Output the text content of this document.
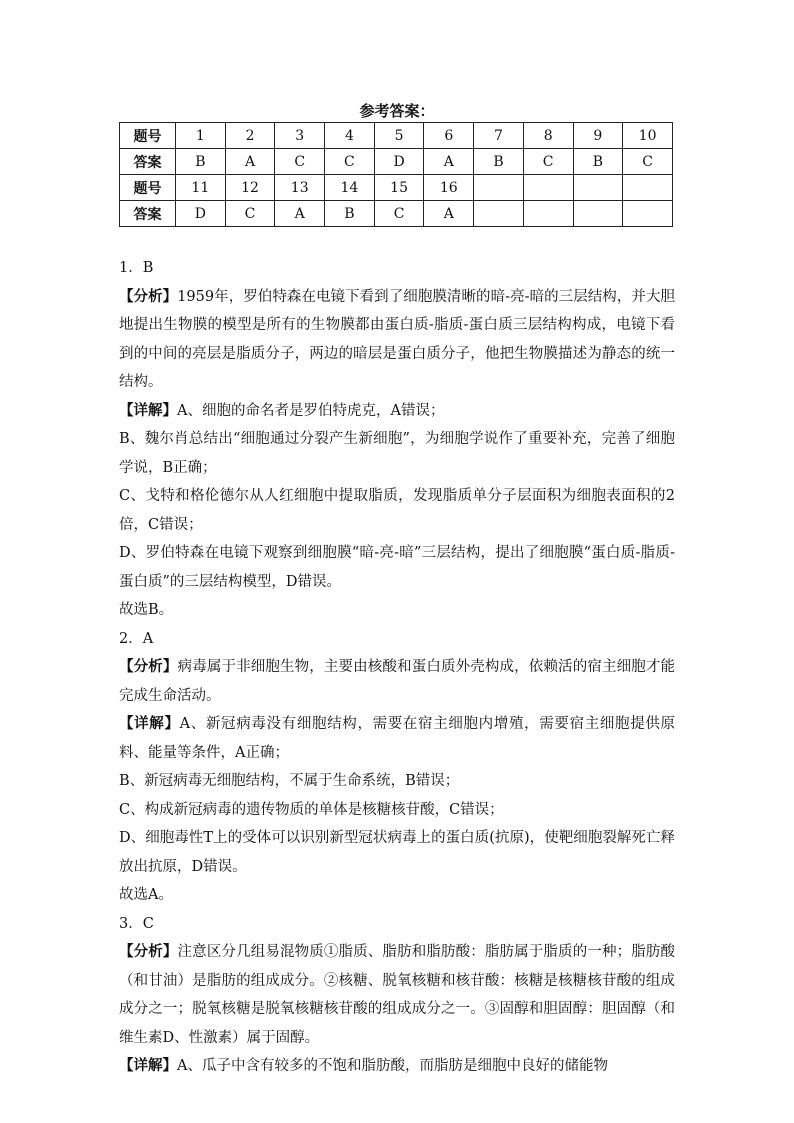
参考答案：
题号	1	2	3	4	5	6	7	8	9	10
答案	B	A	C	C	D	A	B	C	B	C
题号	11	12	13	14	15	16				
答案	D	C	A	B	C	A				

1．B

【分析】1959年，罗伯特森在电镜下看到了细胞膜清晰的暗-亮-暗的三层结构，并大胆地提出生物膜的模型是所有的生物膜都由蛋白质-脂质-蛋白质三层结构构成，电镜下看到的中间的亮层是脂质分子，两边的暗层是蛋白质分子，他把生物膜描述为静态的统一结构。

【详解】A、细胞的命名者是罗伯特虎克，A错误；

B、魏尔肖总结出“细胞通过分裂产生新细胞”，为细胞学说作了重要补充，完善了细胞学说，B正确；

C、戈特和格伦德尔从人红细胞中提取脂质，发现脂质单分子层面积为细胞表面积的2倍，C错误；

D、罗伯特森在电镜下观察到细胞膜“暗-亮-暗”三层结构，提出了细胞膜“蛋白质-脂质-蛋白质”的三层结构模型，D错误。

故选B。

2．A

【分析】病毒属于非细胞生物，主要由核酸和蛋白质外壳构成，依赖活的宿主细胞才能完成生命活动。

【详解】A、新冠病毒没有细胞结构，需要在宿主细胞内增殖，需要宿主细胞提供原料、能量等条件，A正确；

B、新冠病毒无细胞结构，不属于生命系统，B错误；

C、构成新冠病毒的遗传物质的单体是核糖核苷酸，C错误；

D、细胞毒性T上的受体可以识别新型冠状病毒上的蛋白质(抗原)，使靶细胞裂解死亡释放出抗原，D错误。

故选A。

3．C

【分析】注意区分几组易混物质①脂质、脂肪和脂肪酸：脂肪属于脂质的一种；脂肪酸（和甘油）是脂肪的组成成分。②核糖、脱氧核糖和核苷酸：核糖是核糖核苷酸的组成成分之一；脱氧核糖是脱氧核糖核苷酸的组成成分之一。③固醇和胆固醇：胆固醇（和维生素D、性激素）属于固醇。

【详解】A、瓜子中含有较多的不饱和脂肪酸，而脂肪是细胞中良好的储能物
